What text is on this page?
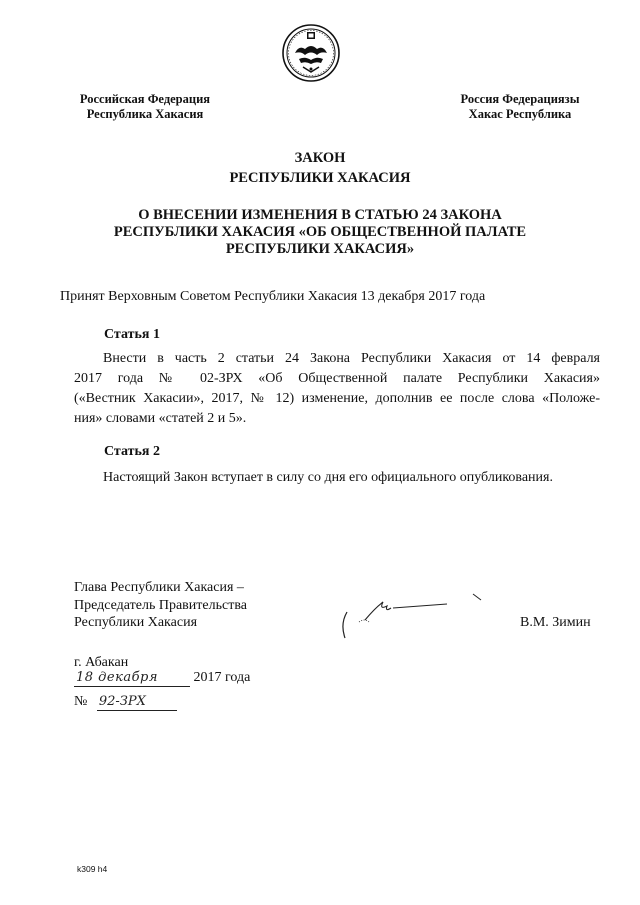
Российская Федерация
Республика Хакасия
Россия Федерациязы
Хакас Республика
ЗАКОН
РЕСПУБЛИКИ ХАКАСИЯ
О ВНЕСЕНИИ ИЗМЕНЕНИЯ В СТАТЬЮ 24 ЗАКОНА
РЕСПУБЛИКИ ХАКАСИЯ «ОБ ОБЩЕСТВЕННОЙ ПАЛАТЕ
РЕСПУБЛИКИ ХАКАСИЯ»
Принят Верховным Советом Республики Хакасия 13 декабря 2017 года
Статья 1
Внести в часть 2 статьи 24 Закона Республики Хакасия от 14 февраля
2017 года № 02-ЗРХ «Об Общественной палате Республики Хакасия»
(«Вестник Хакасии», 2017, № 12) изменение, дополнив ее после слова «Положе-
ния» словами «статей 2 и 5».
Статья 2
Настоящий Закон вступает в силу со дня его официального опубликования.
Глава Республики Хакасия –
Председатель Правительства
Республики Хакасия	В.М. Зимин
г. Абакан
18 декабря	2017 года
№ 92-ЗРХ
k309 h4
